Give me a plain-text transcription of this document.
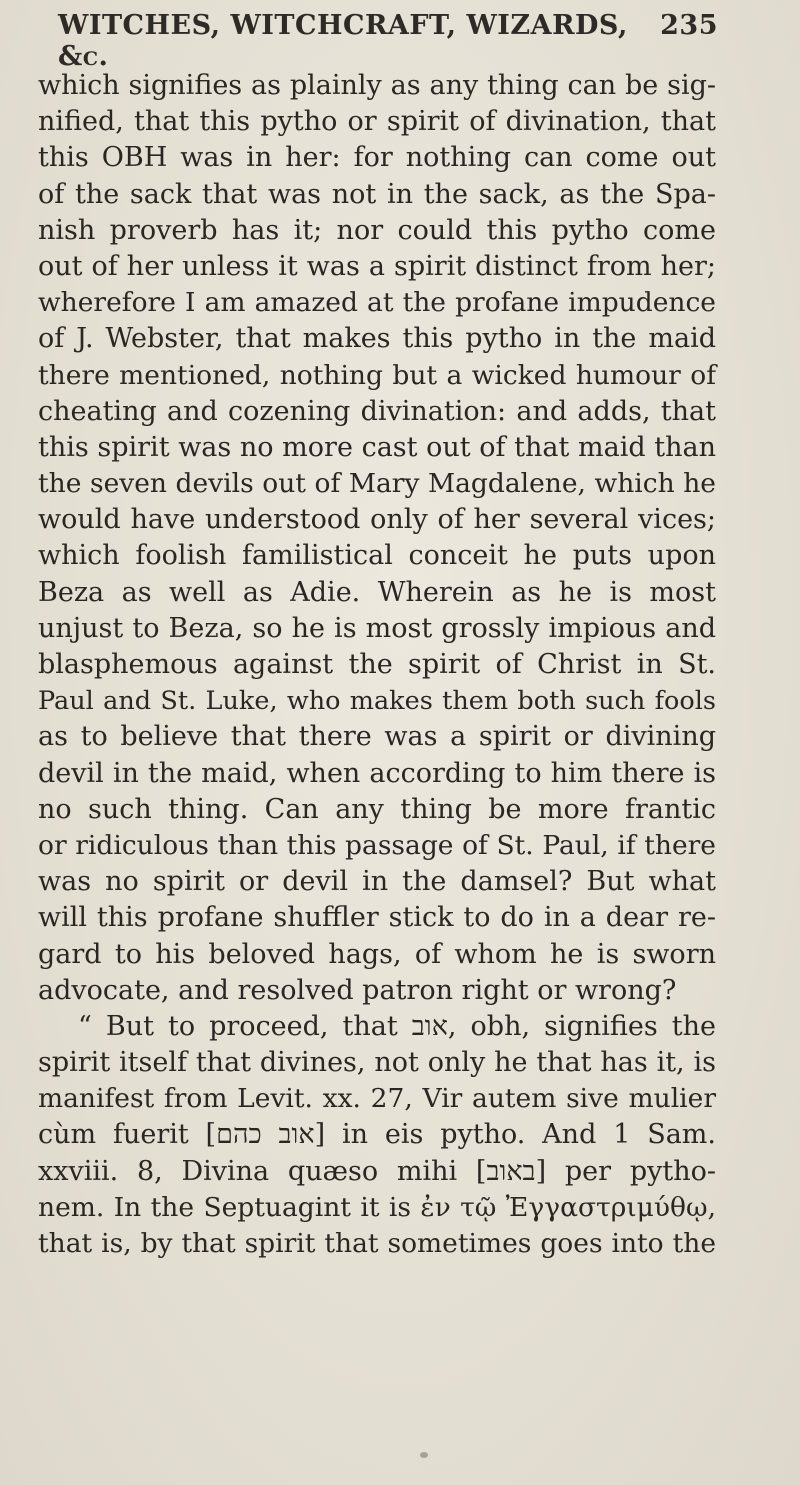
WITCHES, WITCHCRAFT, WIZARDS, &c.
235
which signifies as plainly as any thing can be sig-
nified, that this pytho or spirit of divination, that
this OBH was in her: for nothing can come out
of the sack that was not in the sack, as the Spa-
nish proverb has it; nor could this pytho come
out of her unless it was a spirit distinct from her;
wherefore I am amazed at the profane impudence
of J. Webster, that makes this pytho in the maid
there mentioned, nothing but a wicked humour of
cheating and cozening divination: and adds, that
this spirit was no more cast out of that maid than
the seven devils out of Mary Magdalene, which he
would have understood only of her several vices;
which foolish familistical conceit he puts upon
Beza as well as Adie. Wherein as he is most
unjust to Beza, so he is most grossly impious and
blasphemous against the spirit of Christ in St.
Paul and St. Luke, who makes them both such fools
as to believe that there was a spirit or divining
devil in the maid, when according to him there is
no such thing. Can any thing be more frantic
or ridiculous than this passage of St. Paul, if there
was no spirit or devil in the damsel? But what
will this profane shuffler stick to do in a dear re-
gard to his beloved hags, of whom he is sworn
advocate, and resolved patron right or wrong?
“ But to proceed, that אוב, obh, signifies the
spirit itself that divines, not only he that has it, is
manifest from Levit. xx. 27, Vir autem sive mulier
cùm fuerit [אוב כהם] in eis pytho. And 1 Sam.
xxviii. 8, Divina quæso mihi [באוב] per pytho-
nem. In the Septuagint it is ἐν τῷ Ἐγγαστριμύθῳ,
that is, by that spirit that sometimes goes into the
